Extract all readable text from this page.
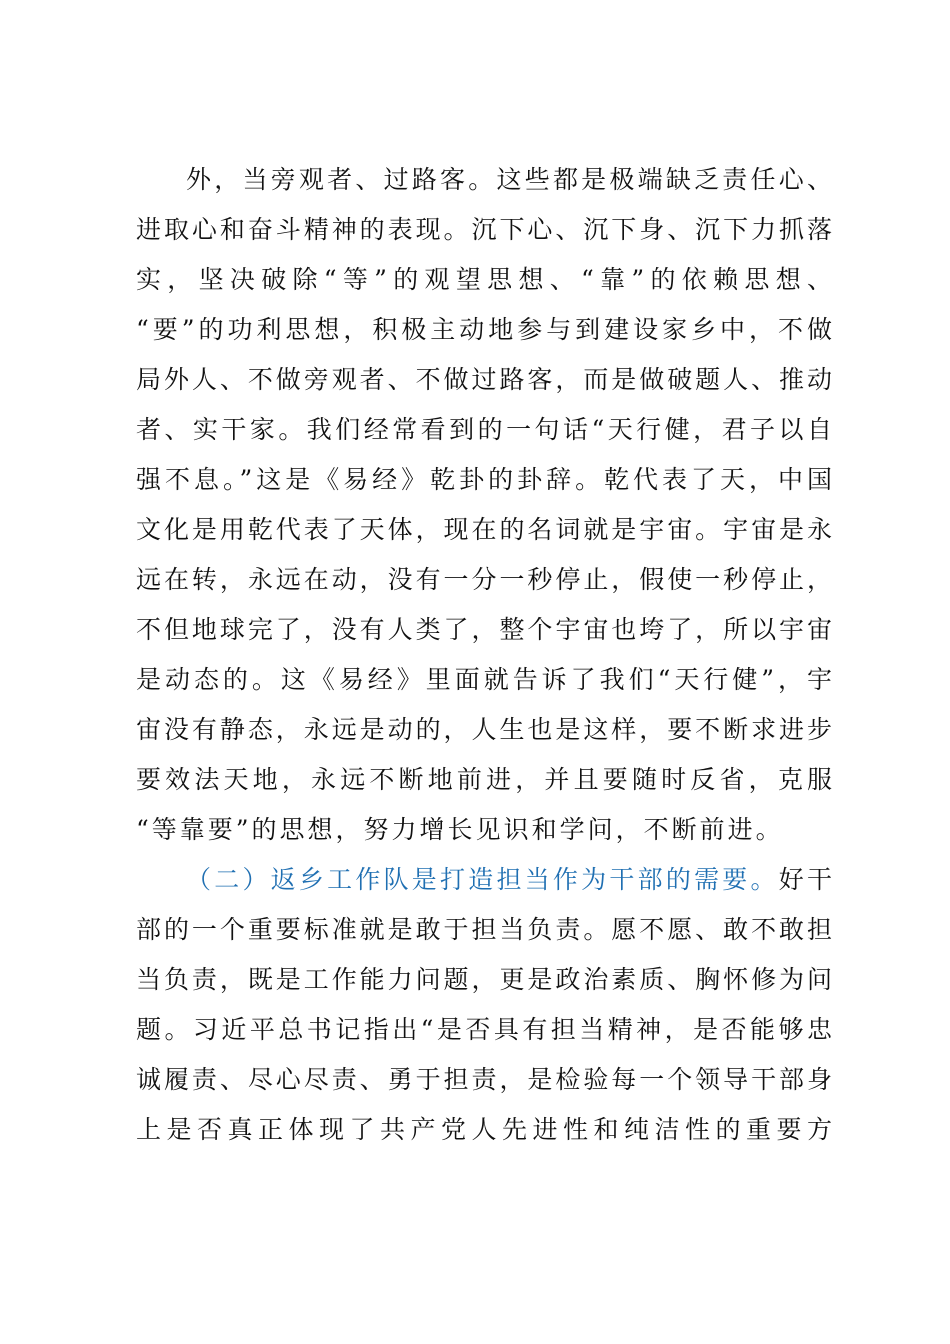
外，当旁观者、过路客。这些都是极端缺乏责任心、
进取心和奋斗精神的表现。沉下心、沉下身、沉下力抓落
实，坚决破除“等”的观望思想、“靠”的依赖思想、
“要”的功利思想，积极主动地参与到建设家乡中，不做
局外人、不做旁观者、不做过路客，而是做破题人、推动
者、实干家。我们经常看到的一句话“天行健，君子以自
强不息。”这是《易经》乾卦的卦辞。乾代表了天，中国
文化是用乾代表了天体，现在的名词就是宇宙。宇宙是永
远在转，永远在动，没有一分一秒停止，假使一秒停止，
不但地球完了，没有人类了，整个宇宙也垮了，所以宇宙
是动态的。这《易经》里面就告诉了我们“天行健”，宇
宙没有静态，永远是动的，人生也是这样，要不断求进步
要效法天地，永远不断地前进，并且要随时反省，克服
“等靠要”的思想，努力增长见识和学问，不断前进。
（二）返乡工作队是打造担当作为干部的需要。好干
部的一个重要标准就是敢于担当负责。愿不愿、敢不敢担
当负责，既是工作能力问题，更是政治素质、胸怀修为问
题。习近平总书记指出“是否具有担当精神，是否能够忠
诚履责、尽心尽责、勇于担责，是检验每一个领导干部身
上是否真正体现了共产党人先进性和纯洁性的重要方
